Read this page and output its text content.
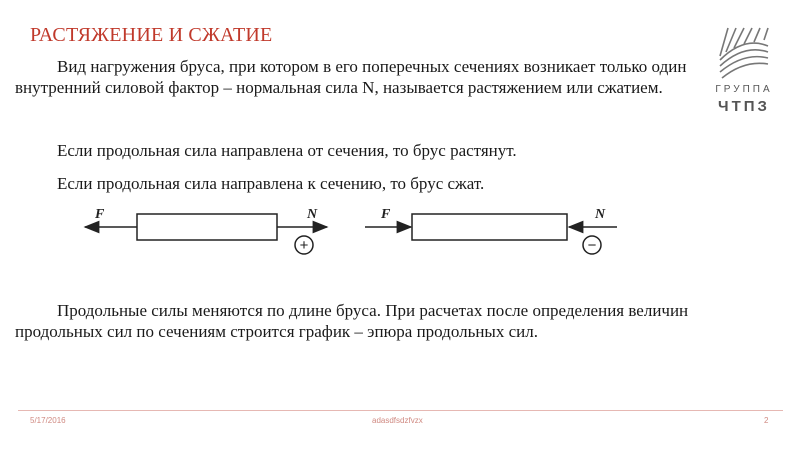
РАСТЯЖЕНИЕ И СЖАТИЕ
ГРУППА
ЧТПЗ

Вид нагружения бруса, при котором в его поперечных сечениях возникает только один внутренний силовой фактор – нормальная сила N, называется растяжением или сжатием.

Если продольная сила направлена от сечения, то брус растянут.

Если продольная сила направлена к сечению, то брус сжат.

F	N
+
F	N
−

Продольные силы меняются по длине бруса. При расчетах после определения величин продольных сил по сечениям строится график – эпюра продольных сил.

5/17/2016	adasdfsdzfvzx	2
